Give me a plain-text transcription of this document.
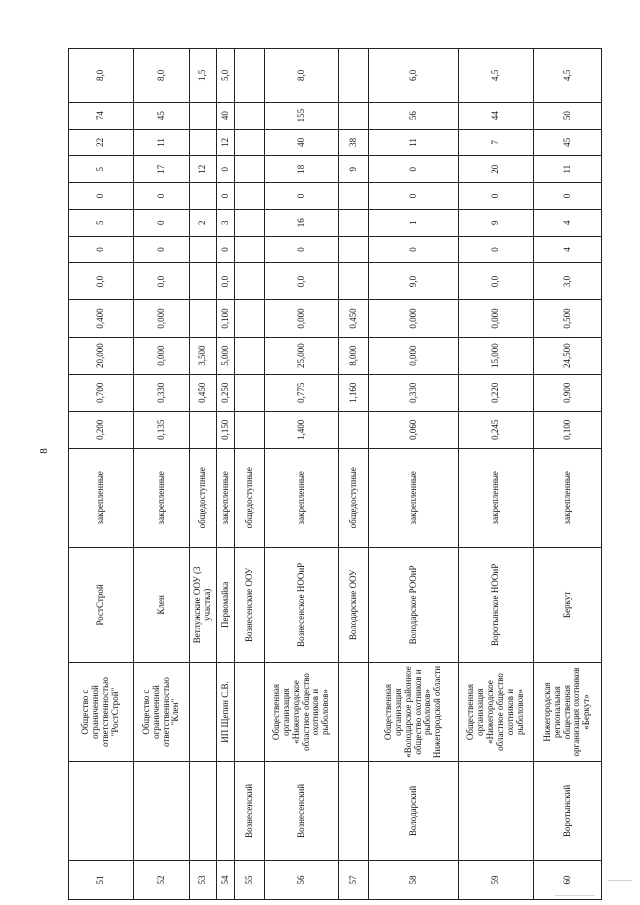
8
51		Общество с ограниченной ответственностью "РостСтрой"	РостСтрой	закрепленные	0,200	0,700	20,000	0,400	0,0	0	5	0	5	22	74	8,0
52		Общество с ограниченной ответственностью "Клен"	Клен	закрепленные	0,135	0,330	0,000	0,000	0,0	0	0	0	17	11	45	8,0
53			Ветлужские ООУ (3 участка)	общедоступные		0,450	3,500				2		12			1,5
54		ИП Щепин С.В.	Первомайка	закрепленные	0,150	0,250	5,000	0,100	0,0	0	3	0	0	12	40	5,0
55	Вознесенский		Вознесенские ООУ	общедоступные												
56	Вознесенский	Общественная организация «Нижегородское областное общество охотников и рыболовов»	Вознесенское НООиР	закрепленные	1,400	0,775	25,000	0,000	0,0	0	16	0	18	40	155	8,0
57			Володарские ООУ	общедоступные		1,160	8,000	0,450					9	38		
58	Володарский	Общественная организация «Володарское районное общество охотников и рыболовов» Нижегородской области	Володарское РООиР	закрепленные	0,060	0,330	0,000	0,000	9,0	0	1	0	0	11	56	6,0
59		Общественная организация «Нижегородское областное общество охотников и рыболовов»	Воротынское НООиР	закрепленные	0,245	0,220	15,000	0,000	0,0	0	9	0	20	7	44	4,5
60	Воротынский	Нижегородская региональная общественная организация охотников «Беркут»	Беркут	закрепленные	0,100	0,900	24,500	0,500	3,0	4	4	0	11	45	50	4,5
